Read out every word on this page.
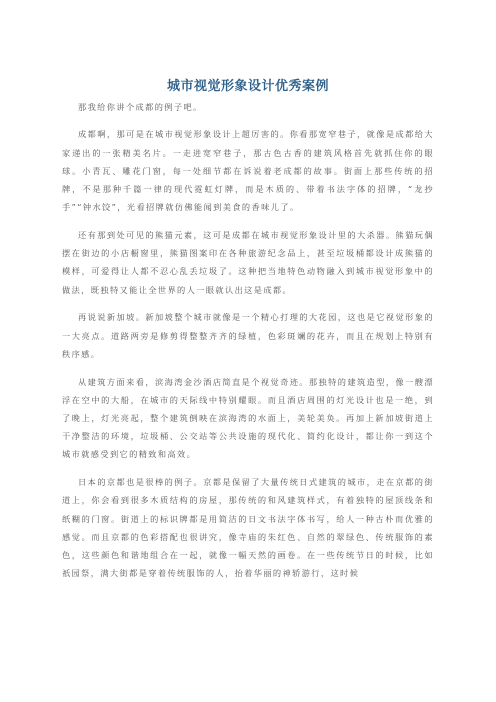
城市视觉形象设计优秀案例

那我给你讲个成都的例子吧。

成都啊，那可是在城市视觉形象设计上超厉害的。你看那宽窄巷子，就像是成都给大家递出的一张精美名片。一走进宽窄巷子，那古色古香的建筑风格首先就抓住你的眼球。小青瓦、雕花门窗，每一处细节都在诉说着老成都的故事。街面上那些传统的招牌，不是那种千篇一律的现代霓虹灯牌，而是木质的、带着书法字体的招牌，“龙抄手”“钟水饺”，光看招牌就仿佛能闻到美食的香味儿了。

还有那到处可见的熊猫元素，这可是成都在城市视觉形象设计里的大杀器。熊猫玩偶摆在街边的小店橱窗里，熊猫图案印在各种旅游纪念品上，甚至垃圾桶都设计成熊猫的模样，可爱得让人都不忍心乱丢垃圾了。这种把当地特色动物融入到城市视觉形象中的做法，既独特又能让全世界的人一眼就认出这是成都。

再说说新加坡。新加坡整个城市就像是一个精心打理的大花园，这也是它视觉形象的一大亮点。道路两旁是修剪得整整齐齐的绿植，色彩斑斓的花卉，而且在规划上特别有秩序感。

从建筑方面来看，滨海湾金沙酒店简直是个视觉奇迹。那独特的建筑造型，像一艘漂浮在空中的大船，在城市的天际线中特别耀眼。而且酒店周围的灯光设计也是一绝，到了晚上，灯光亮起，整个建筑倒映在滨海湾的水面上，美轮美奂。再加上新加坡街道上干净整洁的环境，垃圾桶、公交站等公共设施的现代化、简约化设计，都让你一到这个城市就感受到它的精致和高效。

日本的京都也是很棒的例子。京都是保留了大量传统日式建筑的城市，走在京都的街道上，你会看到很多木质结构的房屋，那传统的和风建筑样式，有着独特的屋顶线条和纸糊的门窗。街道上的标识牌都是用简洁的日文书法字体书写，给人一种古朴而优雅的感觉。而且京都的色彩搭配也很讲究，像寺庙的朱红色、自然的翠绿色、传统服饰的素色，这些颜色和谐地组合在一起，就像一幅天然的画卷。在一些传统节日的时候，比如祇园祭，满大街都是穿着传统服饰的人，抬着华丽的神轿游行，这时候
